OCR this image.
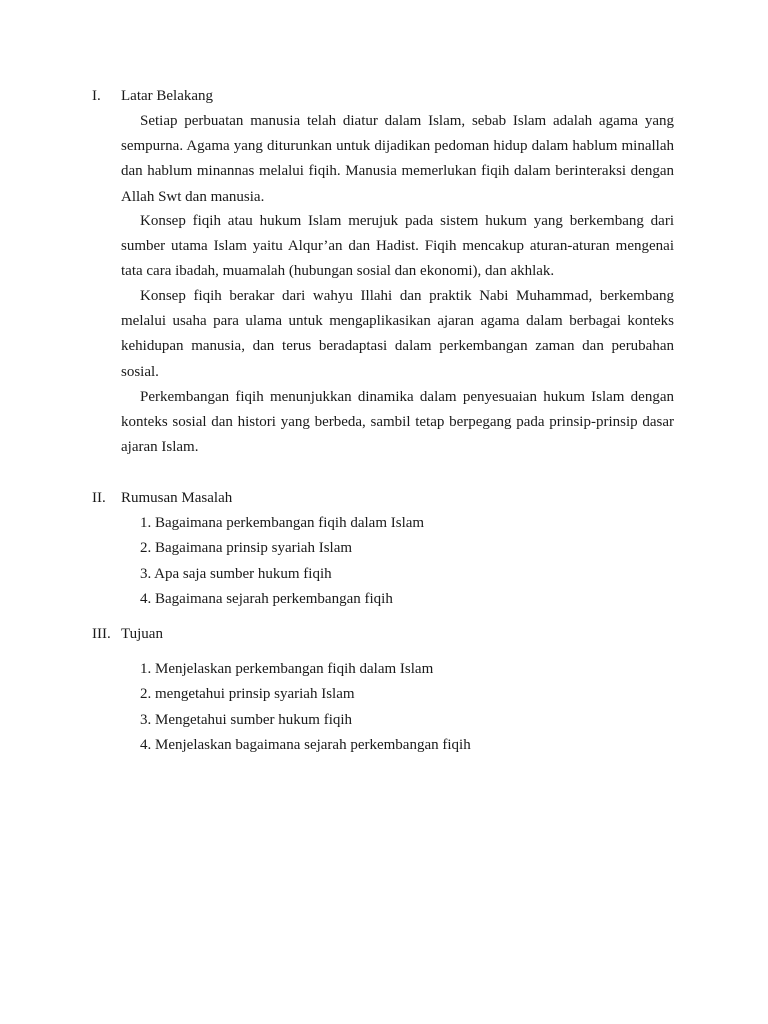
I. Latar Belakang

Setiap perbuatan manusia telah diatur dalam Islam, sebab Islam adalah agama yang sempurna. Agama yang diturunkan untuk dijadikan pedoman hidup dalam hablum minallah dan hablum minannas melalui fiqih. Manusia memerlukan fiqih dalam berinteraksi dengan Allah Swt dan manusia.

Konsep fiqih atau hukum Islam merujuk pada sistem hukum yang berkembang dari sumber utama Islam yaitu Alqur’an dan Hadist. Fiqih mencakup aturan-aturan mengenai tata cara ibadah, muamalah (hubungan sosial dan ekonomi), dan akhlak.

Konsep fiqih berakar dari wahyu Illahi dan praktik Nabi Muhammad, berkembang melalui usaha para ulama untuk mengaplikasikan ajaran agama dalam berbagai konteks kehidupan manusia, dan terus beradaptasi dalam perkembangan zaman dan perubahan sosial.

Perkembangan fiqih menunjukkan dinamika dalam penyesuaian hukum Islam dengan konteks sosial dan histori yang berbeda, sambil tetap berpegang pada prinsip-prinsip dasar ajaran Islam.

II. Rumusan Masalah
1. Bagaimana perkembangan fiqih dalam Islam
2. Bagaimana prinsip syariah Islam
3. Apa saja sumber hukum fiqih
4. Bagaimana sejarah perkembangan fiqih
III. Tujuan
1. Menjelaskan perkembangan fiqih dalam Islam
2. mengetahui prinsip syariah Islam
3. Mengetahui sumber hukum fiqih
4. Menjelaskan bagaimana sejarah perkembangan fiqih
